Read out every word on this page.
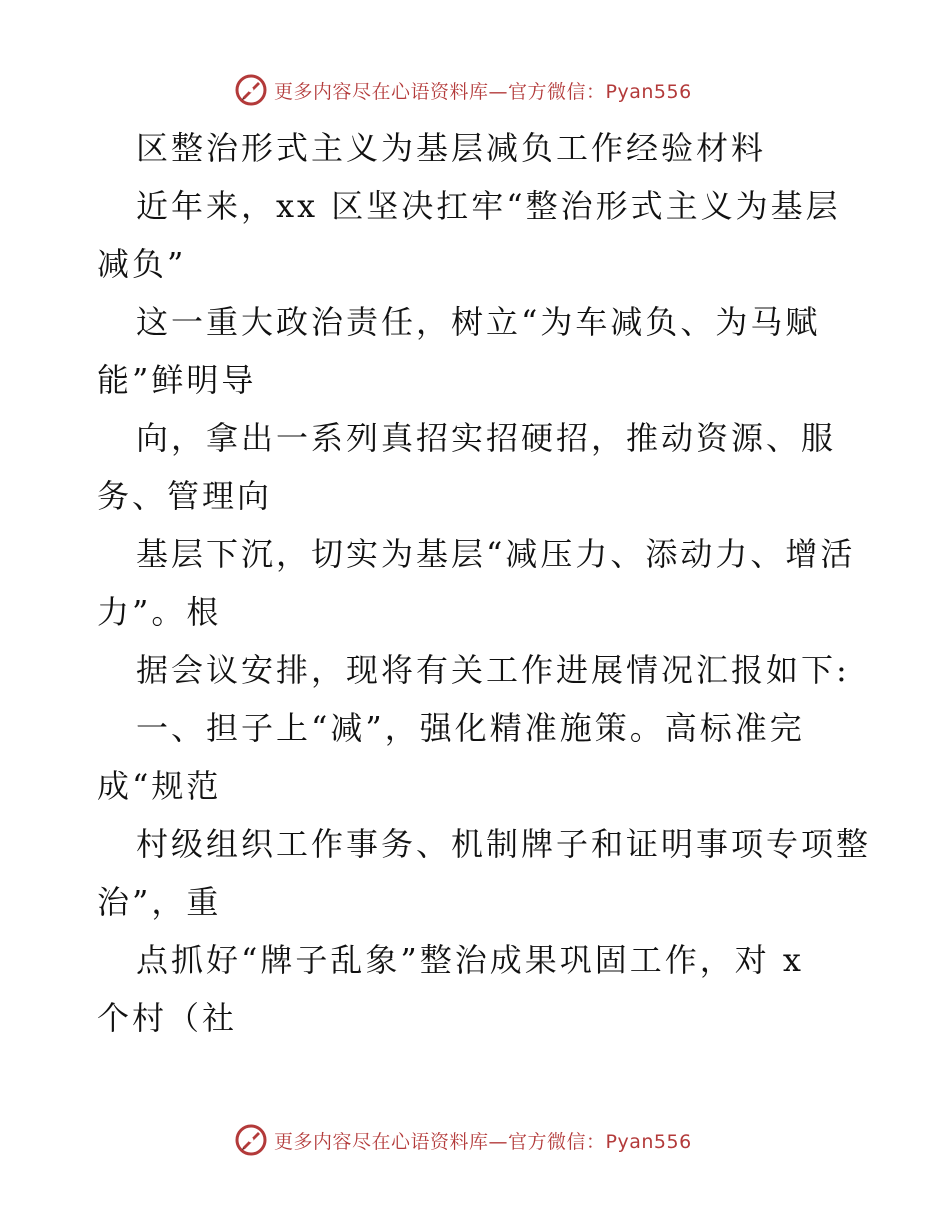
更多内容尽在心语资料库—官方微信：Pyan556
区整治形式主义为基层减负工作经验材料
近年来，xx 区坚决扛牢“整治形式主义为基层
减负”
这一重大政治责任，树立“为车减负、为马赋
能”鲜明导
向，拿出一系列真招实招硬招，推动资源、服
务、管理向
基层下沉，切实为基层“减压力、添动力、增活
力”。根
据会议安排，现将有关工作进展情况汇报如下:
一、担子上“减”，强化精准施策。高标准完
成“规范
村级组织工作事务、机制牌子和证明事项专项整
治”，重
点抓好“牌子乱象”整治成果巩固工作，对 x
个村（社
更多内容尽在心语资料库—官方微信：Pyan556
